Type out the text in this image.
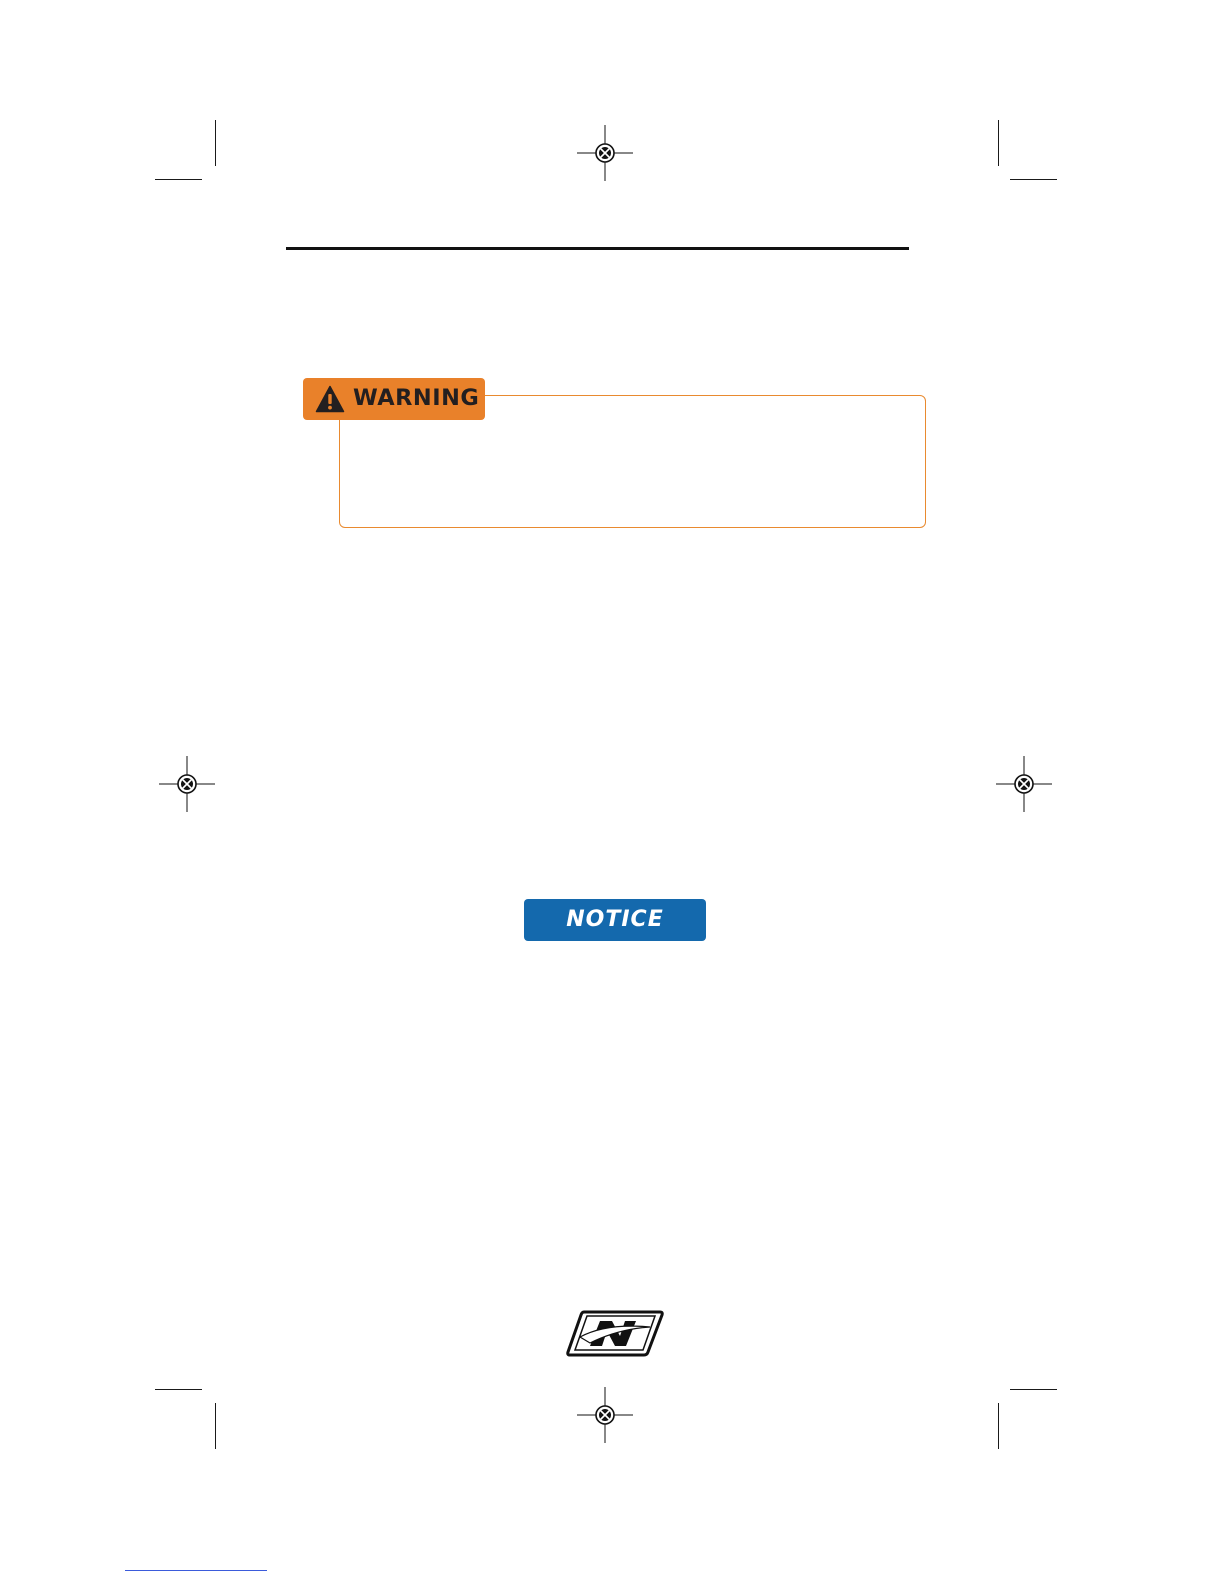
WARNING
NOTICE
